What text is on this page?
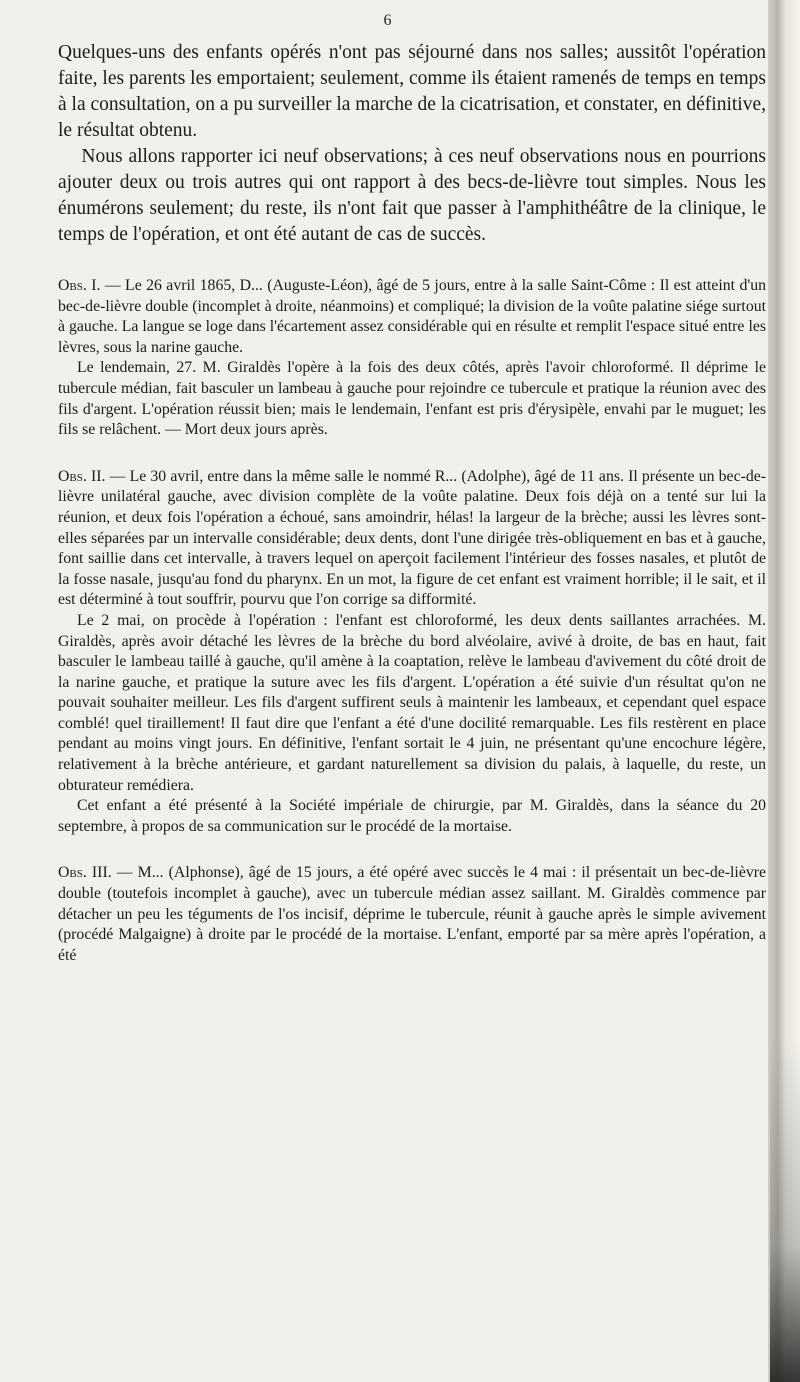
6

Quelques-uns des enfants opérés n'ont pas séjourné dans nos salles; aussitôt l'opération faite, les parents les emportaient; seulement, comme ils étaient ramenés de temps en temps à la consultation, on a pu surveiller la marche de la cicatrisation, et constater, en définitive, le résultat obtenu.

Nous allons rapporter ici neuf observations; à ces neuf observations nous en pourrions ajouter deux ou trois autres qui ont rapport à des becs-de-lièvre tout simples. Nous les énumérons seulement; du reste, ils n'ont fait que passer à l'amphithéâtre de la clinique, le temps de l'opération, et ont été autant de cas de succès.

Obs. I. — Le 26 avril 1865, D... (Auguste-Léon), âgé de 5 jours, entre à la salle Saint-Côme : Il est atteint d'un bec-de-lièvre double (incomplet à droite, néanmoins) et compliqué; la division de la voûte palatine siége surtout à gauche. La langue se loge dans l'écartement assez considérable qui en résulte et remplit l'espace situé entre les lèvres, sous la narine gauche.

Le lendemain, 27. M. Giraldès l'opère à la fois des deux côtés, après l'avoir chloroformé. Il déprime le tubercule médian, fait basculer un lambeau à gauche pour rejoindre ce tubercule et pratique la réunion avec des fils d'argent. L'opération réussit bien; mais le lendemain, l'enfant est pris d'érysipèle, envahi par le muguet; les fils se relâchent. — Mort deux jours après.

Obs. II. — Le 30 avril, entre dans la même salle le nommé R... (Adolphe), âgé de 11 ans. Il présente un bec-de-lièvre unilatéral gauche, avec division complète de la voûte palatine. Deux fois déjà on a tenté sur lui la réunion, et deux fois l'opération a échoué, sans amoindrir, hélas! la largeur de la brèche; aussi les lèvres sont-elles séparées par un intervalle considérable; deux dents, dont l'une dirigée très-obliquement en bas et à gauche, font saillie dans cet intervalle, à travers lequel on aperçoit facilement l'intérieur des fosses nasales, et plutôt de la fosse nasale, jusqu'au fond du pharynx. En un mot, la figure de cet enfant est vraiment horrible; il le sait, et il est déterminé à tout souffrir, pourvu que l'on corrige sa difformité.

Le 2 mai, on procède à l'opération : l'enfant est chloroformé, les deux dents saillantes arrachées. M. Giraldès, après avoir détaché les lèvres de la brèche du bord alvéolaire, avivé à droite, de bas en haut, fait basculer le lambeau taillé à gauche, qu'il amène à la coaptation, relève le lambeau d'avivement du côté droit de la narine gauche, et pratique la suture avec les fils d'argent. L'opération a été suivie d'un résultat qu'on ne pouvait souhaiter meilleur. Les fils d'argent suffirent seuls à maintenir les lambeaux, et cependant quel espace comblé! quel tiraillement! Il faut dire que l'enfant a été d'une docilité remarquable. Les fils restèrent en place pendant au moins vingt jours. En définitive, l'enfant sortait le 4 juin, ne présentant qu'une encochure légère, relativement à la brèche antérieure, et gardant naturellement sa division du palais, à laquelle, du reste, un obturateur remédiera.

Cet enfant a été présenté à la Société impériale de chirurgie, par M. Giraldès, dans la séance du 20 septembre, à propos de sa communication sur le procédé de la mortaise.

Obs. III. — M... (Alphonse), âgé de 15 jours, a été opéré avec succès le 4 mai : il présentait un bec-de-lièvre double (toutefois incomplet à gauche), avec un tubercule médian assez saillant. M. Giraldès commence par détacher un peu les téguments de l'os incisif, déprime le tubercule, réunit à gauche après le simple avivement (procédé Malgaigne) à droite par le procédé de la mortaise. L'enfant, emporté par sa mère après l'opération, a été
